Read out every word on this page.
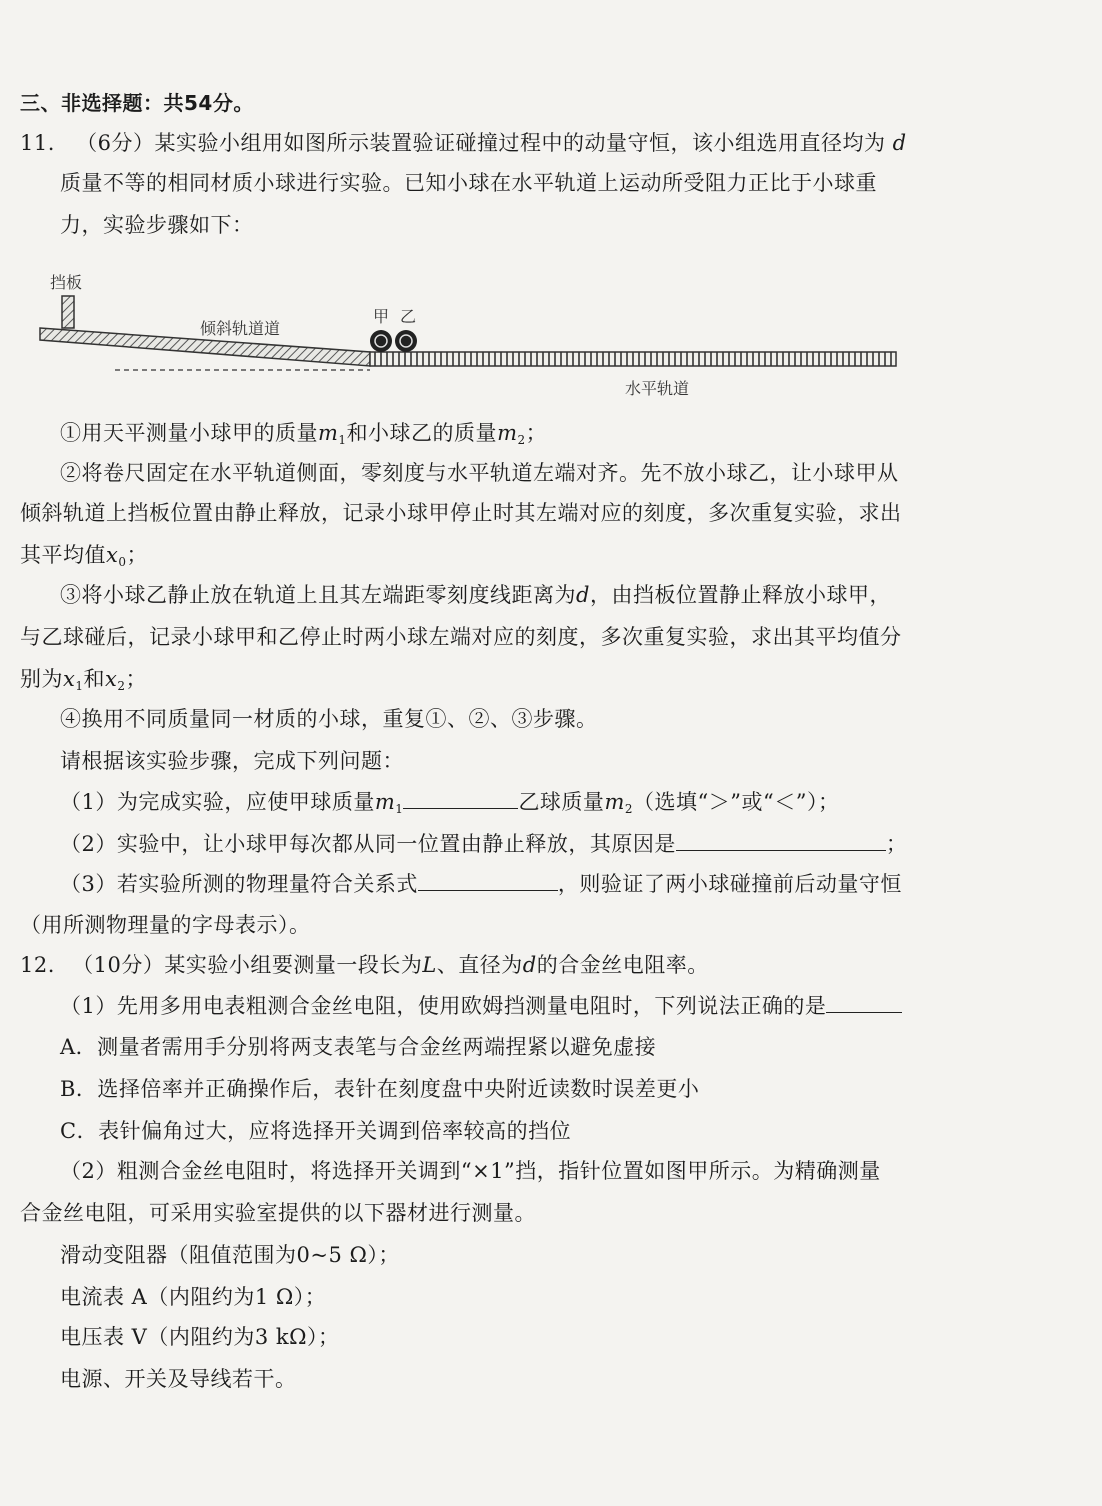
三、非选择题：共54分。
11. （6分）某实验小组用如图所示装置验证碰撞过程中的动量守恒，该小组选用直径均为 d
质量不等的相同材质小球进行实验。已知小球在水平轨道上运动所受阻力正比于小球重
力，实验步骤如下：
挡板
倾斜轨道道
甲 乙
水平轨道
①用天平测量小球甲的质量$m_1$和小球乙的质量$m_2$；
②将卷尺固定在水平轨道侧面，零刻度与水平轨道左端对齐。先不放小球乙，让小球甲从
倾斜轨道上挡板位置由静止释放，记录小球甲停止时其左端对应的刻度，多次重复实验，求出
其平均值$x_0$；
③将小球乙静止放在轨道上且其左端距零刻度线距离为d，由挡板位置静止释放小球甲，
与乙球碰后，记录小球甲和乙停止时两小球左端对应的刻度，多次重复实验，求出其平均值分
别为$x_1$和$x_2$；
④换用不同质量同一材质的小球，重复①、②、③步骤。
请根据该实验步骤，完成下列问题：
（1）为完成实验，应使甲球质量$m_1$	乙球质量$m_2$（选填“＞”或“＜”）；
（2）实验中，让小球甲每次都从同一位置由静止释放，其原因是	；
（3）若实验所测的物理量符合关系式	，则验证了两小球碰撞前后动量守恒
（用所测物理量的字母表示）。
12. （10分）某实验小组要测量一段长为L、直径为d的合金丝电阻率。
（1）先用多用电表粗测合金丝电阻，使用欧姆挡测量电阻时，下列说法正确的是
A．测量者需用手分别将两支表笔与合金丝两端捏紧以避免虚接
B．选择倍率并正确操作后，表针在刻度盘中央附近读数时误差更小
C．表针偏角过大，应将选择开关调到倍率较高的挡位
（2）粗测合金丝电阻时，将选择开关调到“×1”挡，指针位置如图甲所示。为精确测量
合金丝电阻，可采用实验室提供的以下器材进行测量。
滑动变阻器（阻值范围为0~5 Ω）；
电流表 A（内阻约为1 Ω）；
电压表 V（内阻约为3 kΩ）；
电源、开关及导线若干。
